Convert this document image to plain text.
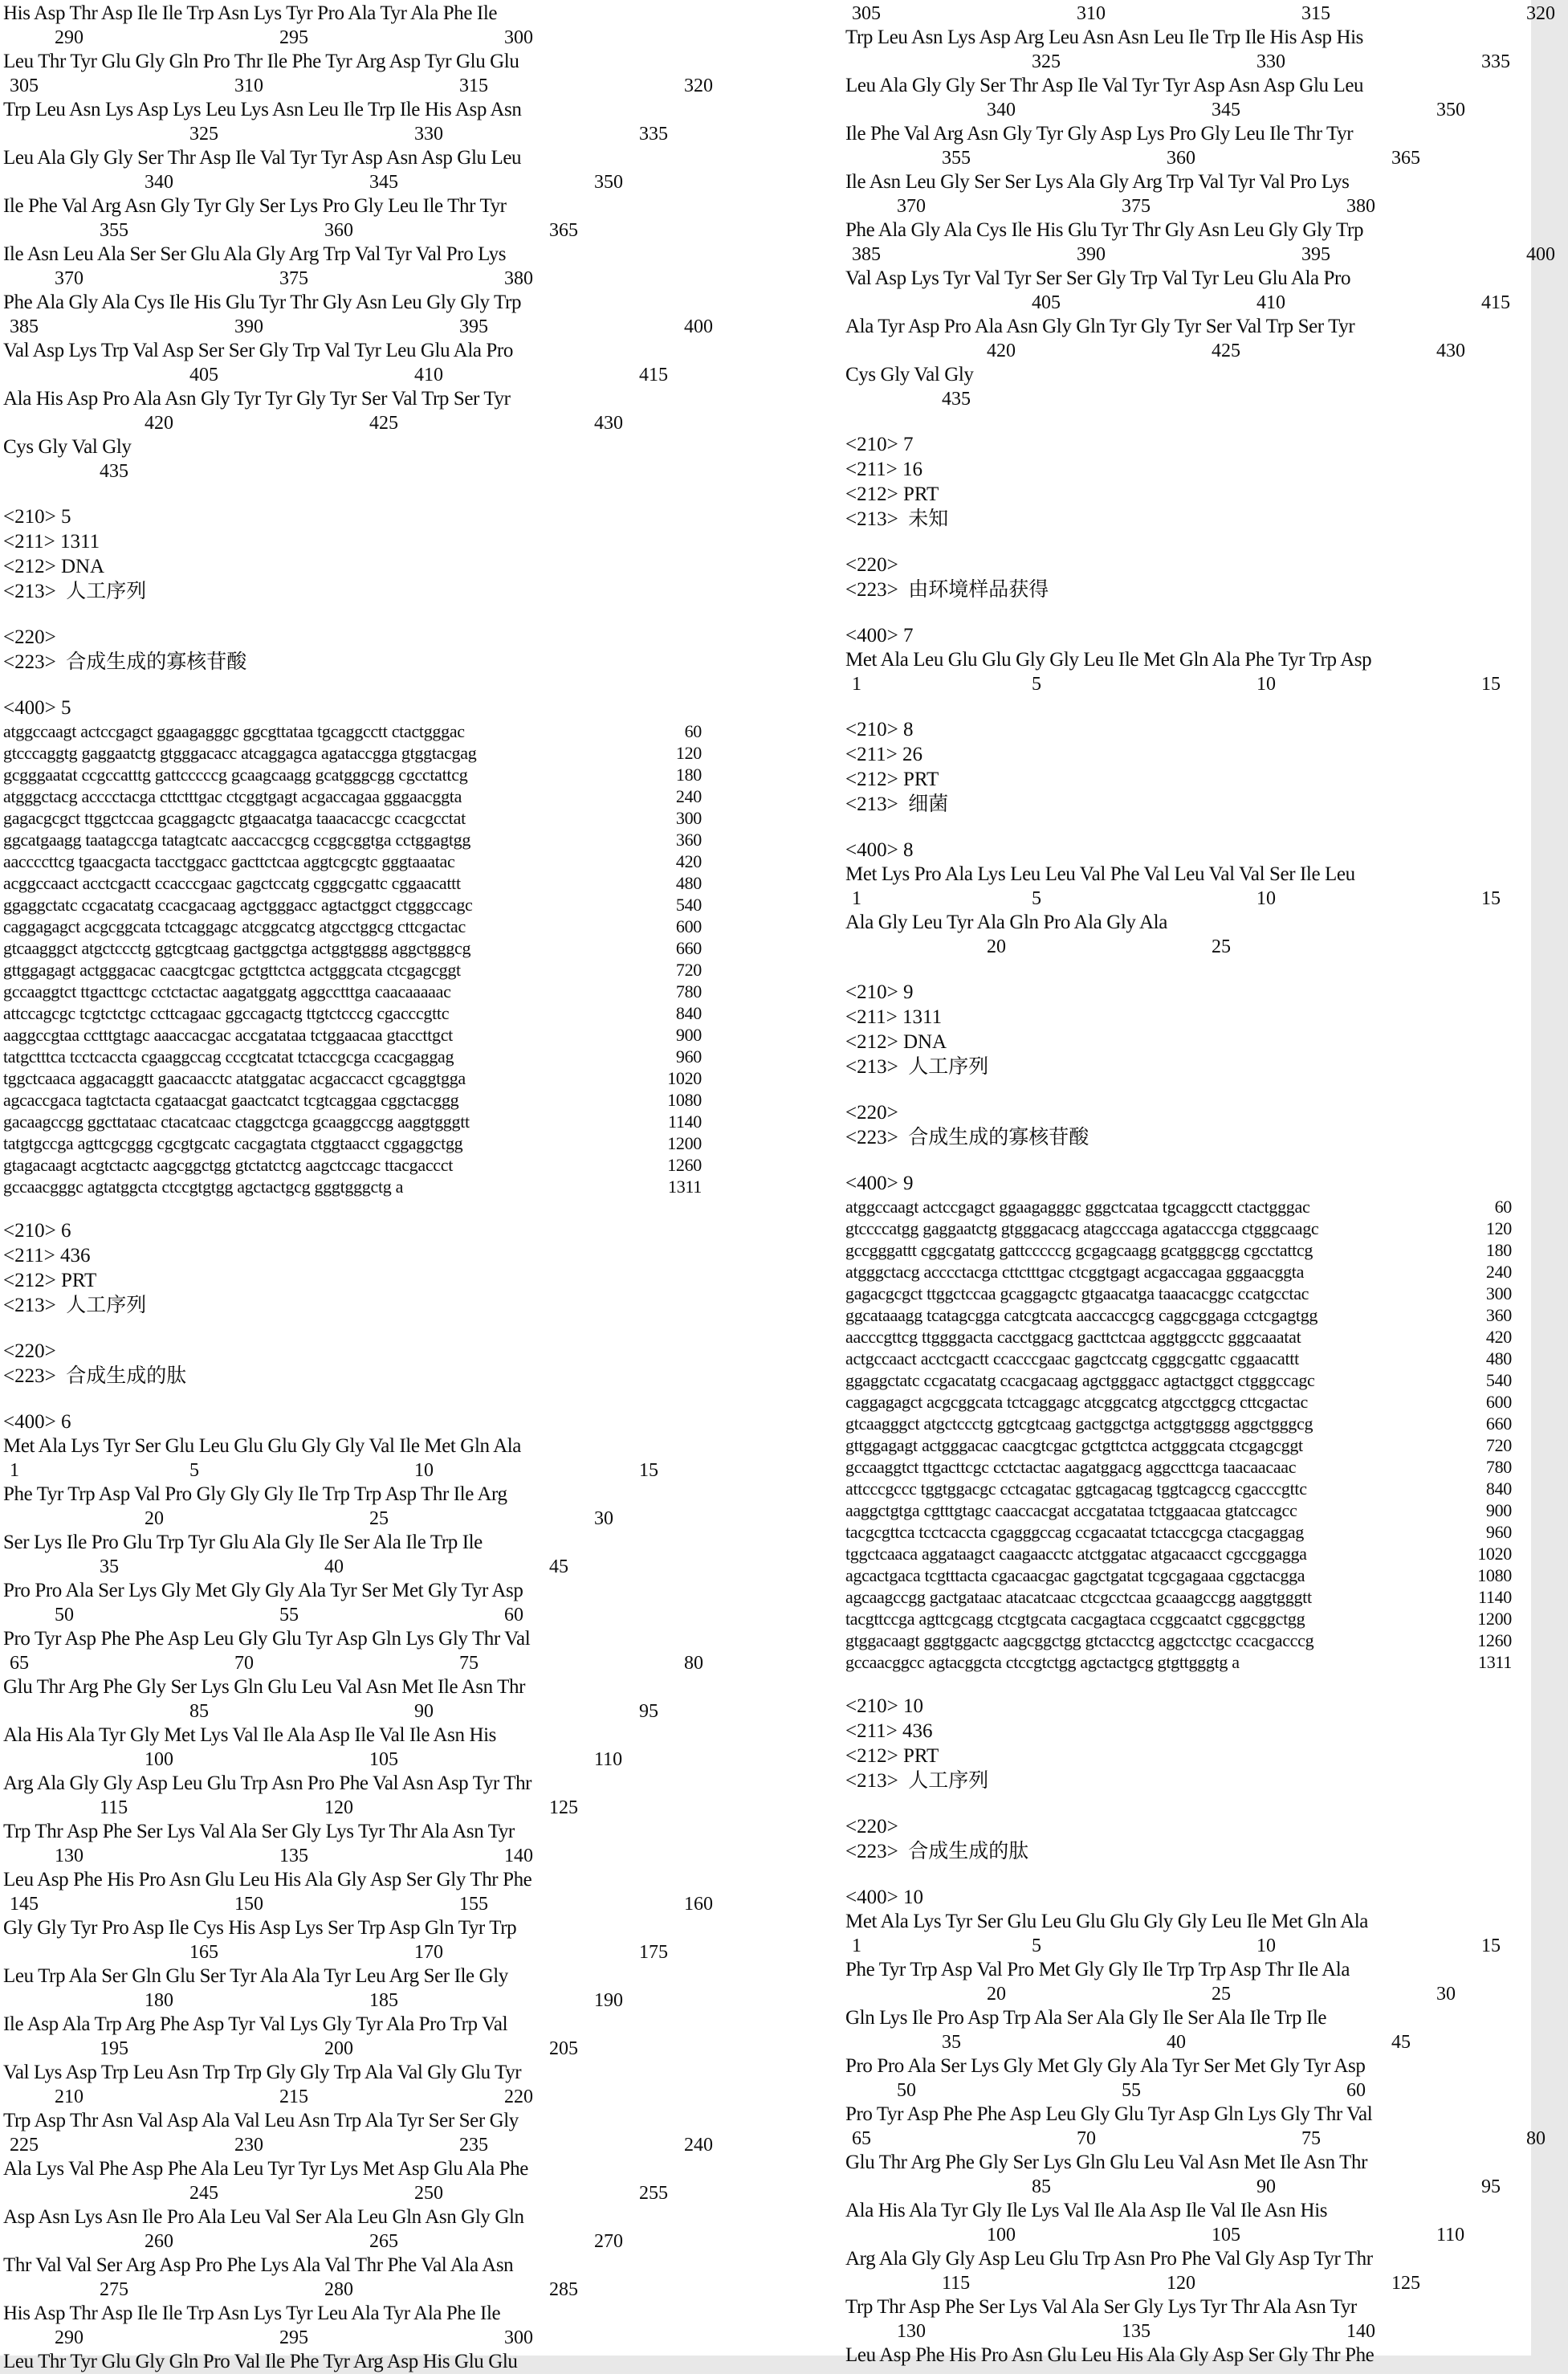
His Asp Thr Asp Ile Ile Trp Asn Lys Tyr Pro Ala Tyr Ala Phe Ile
290	295	300
Leu Thr Tyr Glu Gly Gln Pro Thr Ile Phe Tyr Arg Asp Tyr Glu Glu
305	310	315	320
Trp Leu Asn Lys Asp Lys Leu Lys Asn Leu Ile Trp Ile His Asp Asn
325	330	335
Leu Ala Gly Gly Ser Thr Asp Ile Val Tyr Tyr Asp Asn Asp Glu Leu
340	345	350
Ile Phe Val Arg Asn Gly Tyr Gly Ser Lys Pro Gly Leu Ile Thr Tyr
355	360	365
Ile Asn Leu Ala Ser Ser Glu Ala Gly Arg Trp Val Tyr Val Pro Lys
370	375	380
Phe Ala Gly Ala Cys Ile His Glu Tyr Thr Gly Asn Leu Gly Gly Trp
385	390	395	400
Val Asp Lys Trp Val Asp Ser Ser Gly Trp Val Tyr Leu Glu Ala Pro
405	410	415
Ala His Asp Pro Ala Asn Gly Tyr Tyr Gly Tyr Ser Val Trp Ser Tyr
420	425	430
Cys Gly Val Gly
435
<210> 5
<211> 1311
<212> DNA
<213>  人工序列
<220>
<223>  合成生成的寡核苷酸
<400> 5
atggccaagt actccgagct ggaagagggc ggcgttataa tgcaggcctt ctactgggac	60
gtcccaggtg gaggaatctg gtgggacacc atcaggagca agataccgga gtggtacgag	120
gcgggaatat ccgccatttg gattcccccg gcaagcaagg gcatgggcgg cgcctattcg	180
atgggctacg acccctacga cttctttgac ctcggtgagt acgaccagaa gggaacggta	240
gagacgcgct ttggctccaa gcaggagctc gtgaacatga taaacaccgc ccacgcctat	300
ggcatgaagg taatagccga tatagtcatc aaccaccgcg ccggcggtga cctggagtgg	360
aaccccttcg tgaacgacta tacctggacc gacttctcaa aggtcgcgtc gggtaaatac	420
acggccaact acctcgactt ccacccgaac gagctccatg cgggcgattc cggaacattt	480
ggaggctatc ccgacatatg ccacgacaag agctgggacc agtactggct ctgggccagc	540
caggagagct acgcggcata tctcaggagc atcggcatcg atgcctggcg cttcgactac	600
gtcaagggct atgctccctg ggtcgtcaag gactggctga actggtgggg aggctgggcg	660
gttggagagt actgggacac caacgtcgac gctgttctca actgggcata ctcgagcggt	720
gccaaggtct ttgacttcgc cctctactac aagatggatg aggcctttga caacaaaaac	780
attccagcgc tcgtctctgc ccttcagaac ggccagactg ttgtctcccg cgacccgttc	840
aaggccgtaa cctttgtagc aaaccacgac accgatataa tctggaacaa gtaccttgct	900
tatgctttca tcctcaccta cgaaggccag cccgtcatat tctaccgcga ccacgaggag	960
tggctcaaca aggacaggtt gaacaacctc atatggatac acgaccacct cgcaggtgga	1020
agcaccgaca tagtctacta cgataacgat gaactcatct tcgtcaggaa cggctacggg	1080
gacaagccgg ggcttataac ctacatcaac ctaggctcga gcaaggccgg aaggtgggtt	1140
tatgtgccga agttcgcggg cgcgtgcatc cacgagtata ctggtaacct cggaggctgg	1200
gtagacaagt acgtctactc aagcggctgg gtctatctcg aagctccagc ttacgaccct	1260
gccaacgggc agtatggcta ctccgtgtgg agctactgcg gggtgggctg a	1311
<210> 6
<211> 436
<212> PRT
<213>  人工序列
<220>
<223>  合成生成的肽
<400> 6
Met Ala Lys Tyr Ser Glu Leu Glu Glu Gly Gly Val Ile Met Gln Ala
1	5	10	15
Phe Tyr Trp Asp Val Pro Gly Gly Gly Ile Trp Trp Asp Thr Ile Arg
20	25	30
Ser Lys Ile Pro Glu Trp Tyr Glu Ala Gly Ile Ser Ala Ile Trp Ile
35	40	45
Pro Pro Ala Ser Lys Gly Met Gly Gly Ala Tyr Ser Met Gly Tyr Asp
50	55	60
Pro Tyr Asp Phe Phe Asp Leu Gly Glu Tyr Asp Gln Lys Gly Thr Val
65	70	75	80
Glu Thr Arg Phe Gly Ser Lys Gln Glu Leu Val Asn Met Ile Asn Thr
85	90	95
Ala His Ala Tyr Gly Met Lys Val Ile Ala Asp Ile Val Ile Asn His
100	105	110
Arg Ala Gly Gly Asp Leu Glu Trp Asn Pro Phe Val Asn Asp Tyr Thr
115	120	125
Trp Thr Asp Phe Ser Lys Val Ala Ser Gly Lys Tyr Thr Ala Asn Tyr
130	135	140
Leu Asp Phe His Pro Asn Glu Leu His Ala Gly Asp Ser Gly Thr Phe
145	150	155	160
Gly Gly Tyr Pro Asp Ile Cys His Asp Lys Ser Trp Asp Gln Tyr Trp
165	170	175
Leu Trp Ala Ser Gln Glu Ser Tyr Ala Ala Tyr Leu Arg Ser Ile Gly
180	185	190
Ile Asp Ala Trp Arg Phe Asp Tyr Val Lys Gly Tyr Ala Pro Trp Val
195	200	205
Val Lys Asp Trp Leu Asn Trp Trp Gly Gly Trp Ala Val Gly Glu Tyr
210	215	220
Trp Asp Thr Asn Val Asp Ala Val Leu Asn Trp Ala Tyr Ser Ser Gly
225	230	235	240
Ala Lys Val Phe Asp Phe Ala Leu Tyr Tyr Lys Met Asp Glu Ala Phe
245	250	255
Asp Asn Lys Asn Ile Pro Ala Leu Val Ser Ala Leu Gln Asn Gly Gln
260	265	270
Thr Val Val Ser Arg Asp Pro Phe Lys Ala Val Thr Phe Val Ala Asn
275	280	285
His Asp Thr Asp Ile Ile Trp Asn Lys Tyr Leu Ala Tyr Ala Phe Ile
290	295	300
Leu Thr Tyr Glu Gly Gln Pro Val Ile Phe Tyr Arg Asp His Glu Glu
305	310	315	320
Trp Leu Asn Lys Asp Arg Leu Asn Asn Leu Ile Trp Ile His Asp His
325	330	335
Leu Ala Gly Gly Ser Thr Asp Ile Val Tyr Tyr Asp Asn Asp Glu Leu
340	345	350
Ile Phe Val Arg Asn Gly Tyr Gly Asp Lys Pro Gly Leu Ile Thr Tyr
355	360	365
Ile Asn Leu Gly Ser Ser Lys Ala Gly Arg Trp Val Tyr Val Pro Lys
370	375	380
Phe Ala Gly Ala Cys Ile His Glu Tyr Thr Gly Asn Leu Gly Gly Trp
385	390	395	400
Val Asp Lys Tyr Val Tyr Ser Ser Gly Trp Val Tyr Leu Glu Ala Pro
405	410	415
Ala Tyr Asp Pro Ala Asn Gly Gln Tyr Gly Tyr Ser Val Trp Ser Tyr
420	425	430
Cys Gly Val Gly
435
<210> 7
<211> 16
<212> PRT
<213>  未知
<220>
<223>  由环境样品获得
<400> 7
Met Ala Leu Glu Glu Gly Gly Leu Ile Met Gln Ala Phe Tyr Trp Asp
1	5	10	15
<210> 8
<211> 26
<212> PRT
<213>  细菌
<400> 8
Met Lys Pro Ala Lys Leu Leu Val Phe Val Leu Val Val Ser Ile Leu
1	5	10	15
Ala Gly Leu Tyr Ala Gln Pro Ala Gly Ala
20	25
<210> 9
<211> 1311
<212> DNA
<213>  人工序列
<220>
<223>  合成生成的寡核苷酸
<400> 9
atggccaagt actccgagct ggaagagggc gggctcataa tgcaggcctt ctactgggac	60
gtccccatgg gaggaatctg gtgggacacg atagcccaga agatacccga ctgggcaagc	120
gccgggattt cggcgatatg gattcccccg gcgagcaagg gcatgggcgg cgcctattcg	180
atgggctacg acccctacga cttctttgac ctcggtgagt acgaccagaa gggaacggta	240
gagacgcgct ttggctccaa gcaggagctc gtgaacatga taaacacggc ccatgcctac	300
ggcataaagg tcatagcgga catcgtcata aaccaccgcg caggcggaga cctcgagtgg	360
aacccgttcg ttggggacta cacctggacg gacttctcaa aggtggcctc gggcaaatat	420
actgccaact acctcgactt ccacccgaac gagctccatg cgggcgattc cggaacattt	480
ggaggctatc ccgacatatg ccacgacaag agctgggacc agtactggct ctgggccagc	540
caggagagct acgcggcata tctcaggagc atcggcatcg atgcctggcg cttcgactac	600
gtcaagggct atgctccctg ggtcgtcaag gactggctga actggtgggg aggctgggcg	660
gttggagagt actgggacac caacgtcgac gctgttctca actgggcata ctcgagcggt	720
gccaaggtct ttgacttcgc cctctactac aagatggacg aggccttcga taacaacaac	780
attcccgccc tggtggacgc cctcagatac ggtcagacag tggtcagccg cgacccgttc	840
aaggctgtga cgtttgtagc caaccacgat accgatataa tctggaacaa gtatccagcc	900
tacgcgttca tcctcaccta cgagggccag ccgacaatat tctaccgcga ctacgaggag	960
tggctcaaca aggataagct caagaacctc atctggatac atgacaacct cgccggagga	1020
agcactgaca tcgtttacta cgacaacgac gagctgatat tcgcgagaaa cggctacgga	1080
agcaagccgg gactgataac atacatcaac ctcgcctcaa gcaaagccgg aaggtgggtt	1140
tacgttccga agttcgcagg ctcgtgcata cacgagtaca ccggcaatct cggcggctgg	1200
gtggacaagt gggtggactc aagcggctgg gtctacctcg aggctcctgc ccacgacccg	1260
gccaacggcc agtacggcta ctccgtctgg agctactgcg gtgttgggtg a	1311
<210> 10
<211> 436
<212> PRT
<213>  人工序列
<220>
<223>  合成生成的肽
<400> 10
Met Ala Lys Tyr Ser Glu Leu Glu Glu Gly Gly Leu Ile Met Gln Ala
1	5	10	15
Phe Tyr Trp Asp Val Pro Met Gly Gly Ile Trp Trp Asp Thr Ile Ala
20	25	30
Gln Lys Ile Pro Asp Trp Ala Ser Ala Gly Ile Ser Ala Ile Trp Ile
35	40	45
Pro Pro Ala Ser Lys Gly Met Gly Gly Ala Tyr Ser Met Gly Tyr Asp
50	55	60
Pro Tyr Asp Phe Phe Asp Leu Gly Glu Tyr Asp Gln Lys Gly Thr Val
65	70	75	80
Glu Thr Arg Phe Gly Ser Lys Gln Glu Leu Val Asn Met Ile Asn Thr
85	90	95
Ala His Ala Tyr Gly Ile Lys Val Ile Ala Asp Ile Val Ile Asn His
100	105	110
Arg Ala Gly Gly Asp Leu Glu Trp Asn Pro Phe Val Gly Asp Tyr Thr
115	120	125
Trp Thr Asp Phe Ser Lys Val Ala Ser Gly Lys Tyr Thr Ala Asn Tyr
130	135	140
Leu Asp Phe His Pro Asn Glu Leu His Ala Gly Asp Ser Gly Thr Phe
